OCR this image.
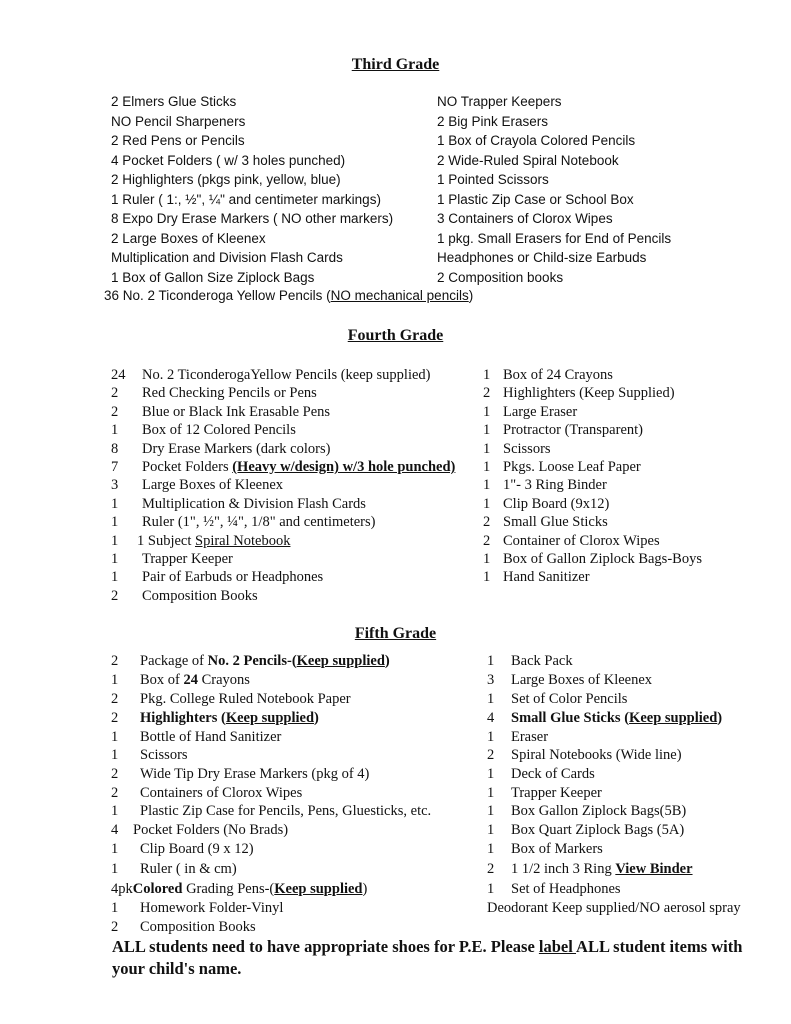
Third Grade
2 Elmers Glue Sticks
NO Pencil Sharpeners
2 Red Pens or Pencils
4 Pocket Folders ( w/ 3 holes punched)
2 Highlighters (pkgs pink, yellow, blue)
1 Ruler ( 1:, ½", ¼" and centimeter markings)
8 Expo Dry Erase Markers ( NO other markers)
2 Large Boxes of Kleenex
Multiplication and Division Flash Cards
1 Box of Gallon Size Ziplock Bags
NO Trapper Keepers
2 Big Pink Erasers
1 Box of Crayola Colored Pencils
2 Wide-Ruled Spiral Notebook
1 Pointed Scissors
1 Plastic Zip Case or School Box
3 Containers of Clorox Wipes
1 pkg. Small Erasers for End of Pencils
Headphones or Child-size Earbuds
2 Composition books
36 No. 2 Ticonderoga Yellow Pencils (NO mechanical pencils)
Fourth Grade
24 No. 2 TiconderogaYellow Pencils (keep supplied)
2 Red Checking Pencils or Pens
2 Blue or Black Ink Erasable Pens
1 Box of 12 Colored Pencils
8 Dry Erase Markers (dark colors)
7 Pocket Folders (Heavy w/design) w/3 hole punched)
3 Large Boxes of Kleenex
1 Multiplication & Division Flash Cards
1 Ruler (1", ½", ¼", 1/8" and centimeters)
1 1 Subject Spiral Notebook
1 Trapper Keeper
1 Pair of Earbuds or Headphones
2 Composition Books
1 Box of 24 Crayons
2 Highlighters (Keep Supplied)
1 Large Eraser
1 Protractor (Transparent)
1 Scissors
1 Pkgs. Loose Leaf Paper
1 1"- 3 Ring Binder
1 Clip Board (9x12)
2 Small Glue Sticks
2 Container of Clorox Wipes
1 Box of Gallon Ziplock Bags-Boys
1 Hand Sanitizer
Fifth Grade
2 Package of No. 2 Pencils-(Keep supplied)
1 Box of 24 Crayons
2 Pkg. College Ruled Notebook Paper
2 Highlighters (Keep supplied)
1 Bottle of Hand Sanitizer
1 Scissors
2 Wide Tip Dry Erase Markers (pkg of 4)
2 Containers of Clorox Wipes
1 Plastic Zip Case for Pencils, Pens, Gluesticks, etc.
4 Pocket Folders (No Brads)
1 Clip Board (9 x 12)
1 Ruler ( in & cm)
1 Back Pack
3 Large Boxes of Kleenex
1 Set of Color Pencils
4 Small Glue Sticks (Keep supplied)
1 Eraser
2 Spiral Notebooks (Wide line)
1 Deck of Cards
1 Trapper Keeper
1 Box Gallon Ziplock Bags(5B)
1 Box Quart Ziplock Bags (5A)
1 Box of Markers
2 1 1/2 inch 3 Ring View Binder
1 Set of Headphones
4pkColored Grading Pens-(Keep supplied)
1 Homework Folder-Vinyl
2 Composition Books
Deodorant Keep supplied/NO aerosol spray
ALL students need to have appropriate shoes for P.E. Please label ALL student items with your child's name.
